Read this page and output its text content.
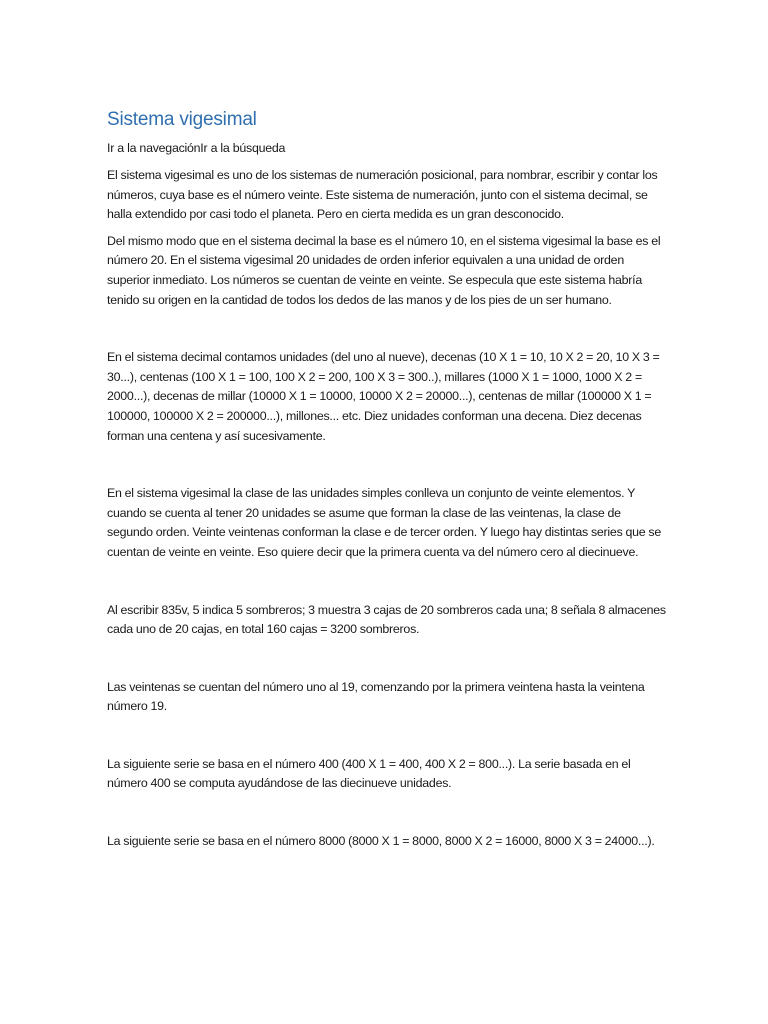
Sistema vigesimal

Ir a la navegaciónIr a la búsqueda

El sistema vigesimal es uno de los sistemas de numeración posicional, para nombrar, escribir y contar los números, cuya base es el número veinte. Este sistema de numeración, junto con el sistema decimal, se halla extendido por casi todo el planeta. Pero en cierta medida es un gran desconocido.

Del mismo modo que en el sistema decimal la base es el número 10, en el sistema vigesimal la base es el número 20. En el sistema vigesimal 20 unidades de orden inferior equivalen a una unidad de orden superior inmediato. Los números se cuentan de veinte en veinte. Se especula que este sistema habría tenido su origen en la cantidad de todos los dedos de las manos y de los pies de un ser humano.

En el sistema decimal contamos unidades (del uno al nueve), decenas (10 X 1 = 10, 10 X 2 = 20, 10 X 3 = 30...), centenas (100 X 1 = 100, 100 X 2 = 200, 100 X 3 = 300..), millares (1000 X 1 = 1000, 1000 X 2 = 2000...), decenas de millar (10000 X 1 = 10000, 10000 X 2 = 20000...), centenas de millar (100000 X 1 = 100000, 100000 X 2 = 200000...), millones... etc. Diez unidades conforman una decena. Diez decenas forman una centena y así sucesivamente.

En el sistema vigesimal la clase de las unidades simples conlleva un conjunto de veinte elementos. Y cuando se cuenta al tener 20 unidades se asume que forman la clase de las veintenas, la clase de segundo orden. Veinte veintenas conforman la clase e de tercer orden. Y luego hay distintas series que se cuentan de veinte en veinte. Eso quiere decir que la primera cuenta va del número cero al diecinueve.

Al escribir 835v, 5 indica 5 sombreros; 3 muestra 3 cajas de 20 sombreros cada una; 8 señala 8 almacenes cada uno de 20 cajas, en total 160 cajas = 3200 sombreros.

Las veintenas se cuentan del número uno al 19, comenzando por la primera veintena hasta la veintena número 19.

La siguiente serie se basa en el número 400 (400 X 1 = 400, 400 X 2 = 800...). La serie basada en el número 400 se computa ayudándose de las diecinueve unidades.

La siguiente serie se basa en el número 8000 (8000 X 1 = 8000, 8000 X 2 = 16000, 8000 X 3 = 24000...).
